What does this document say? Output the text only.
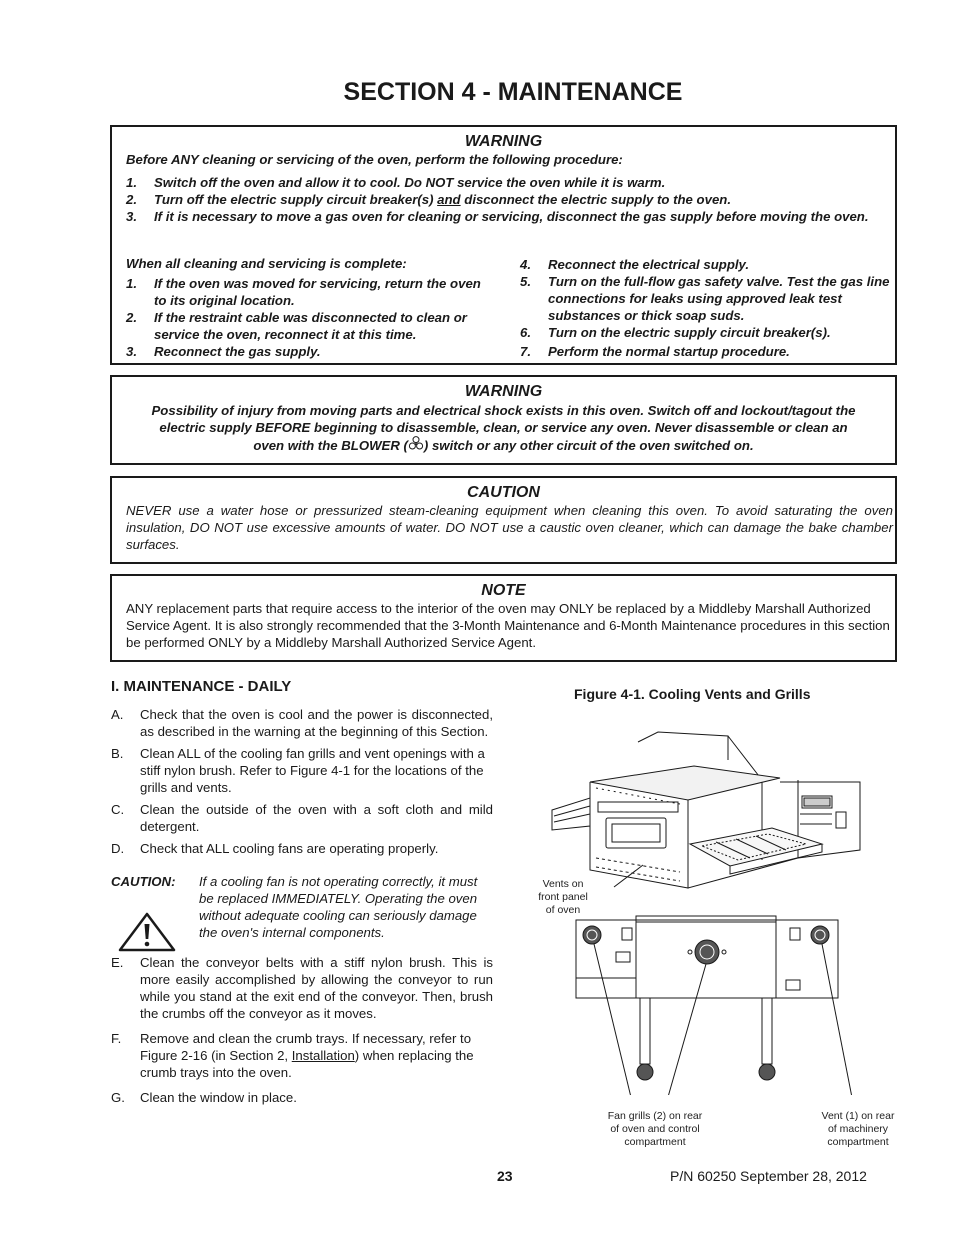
SECTION 4 - MAINTENANCE
WARNING
Before ANY cleaning or servicing of the oven, perform the following procedure:
1.	Switch off the oven and allow it to cool. Do NOT service the oven while it is warm.
2.	Turn off the electric supply circuit breaker(s) and disconnect the electric supply to the oven.
3.	If it is necessary to move a gas oven for cleaning or servicing, disconnect the gas supply before moving the oven.
When all cleaning and servicing is complete:
1.	If the oven was moved for servicing, return the oven to its original location.
2.	If the restraint cable was disconnected to clean or service the oven, reconnect it at this time.
3.	Reconnect the gas supply.
4.	Reconnect the electrical supply.
5.	Turn on the full-flow gas safety valve. Test the gas line connections for leaks using approved leak test substances or thick soap suds.
6.	Turn on the electric supply circuit breaker(s).
7.	Perform the normal startup procedure.
WARNING
Possibility of injury from moving parts and electrical shock exists in this oven. Switch off and lockout/tagout the
electric supply BEFORE beginning to disassemble, clean, or service any oven. Never disassemble or clean an
oven with the BLOWER ( ) switch or any other circuit of the oven switched on.
CAUTION
NEVER use a water hose or pressurized steam-cleaning equipment when cleaning this oven. To avoid saturating the oven insulation, DO NOT use excessive amounts of water. DO NOT use a caustic oven cleaner, which can damage the bake chamber surfaces.
NOTE
ANY replacement parts that require access to the interior of the oven may ONLY be replaced by a Middleby Marshall Authorized Service Agent. It is also strongly recommended that the 3-Month Maintenance and 6-Month Maintenance procedures in this section be performed ONLY by a Middleby Marshall Authorized Service Agent.
I. MAINTENANCE - DAILY
A.	Check that the oven is cool and the power is disconnected, as described in the warning at the beginning of this Section.
B.	Clean ALL of the cooling fan grills and vent openings with a stiff nylon brush. Refer to Figure 4-1 for the locations of the grills and vents.
C.	Clean the outside of the oven with a soft cloth and mild detergent.
D.	Check that ALL cooling fans are operating properly.
CAUTION: If a cooling fan is not operating correctly, it must be replaced IMMEDIATELY. Operating the oven without adequate cooling can seriously damage the oven's internal components.
E.	Clean the conveyor belts with a stiff nylon brush. This is more easily accomplished by allowing the conveyor to run while you stand at the exit end of the conveyor. Then, brush the crumbs off the conveyor as it moves.
F.	Remove and clean the crumb trays. If necessary, refer to Figure 2-16 (in Section 2, Installation) when replacing the crumb trays into the oven.
G.	Clean the window in place.
Figure 4-1. Cooling Vents and Grills
Vents on
front panel
of oven
Fan grills (2) on rear
of oven and control
compartment
Vent (1) on rear
of machinery
compartment
23	P/N 60250 September 28, 2012
